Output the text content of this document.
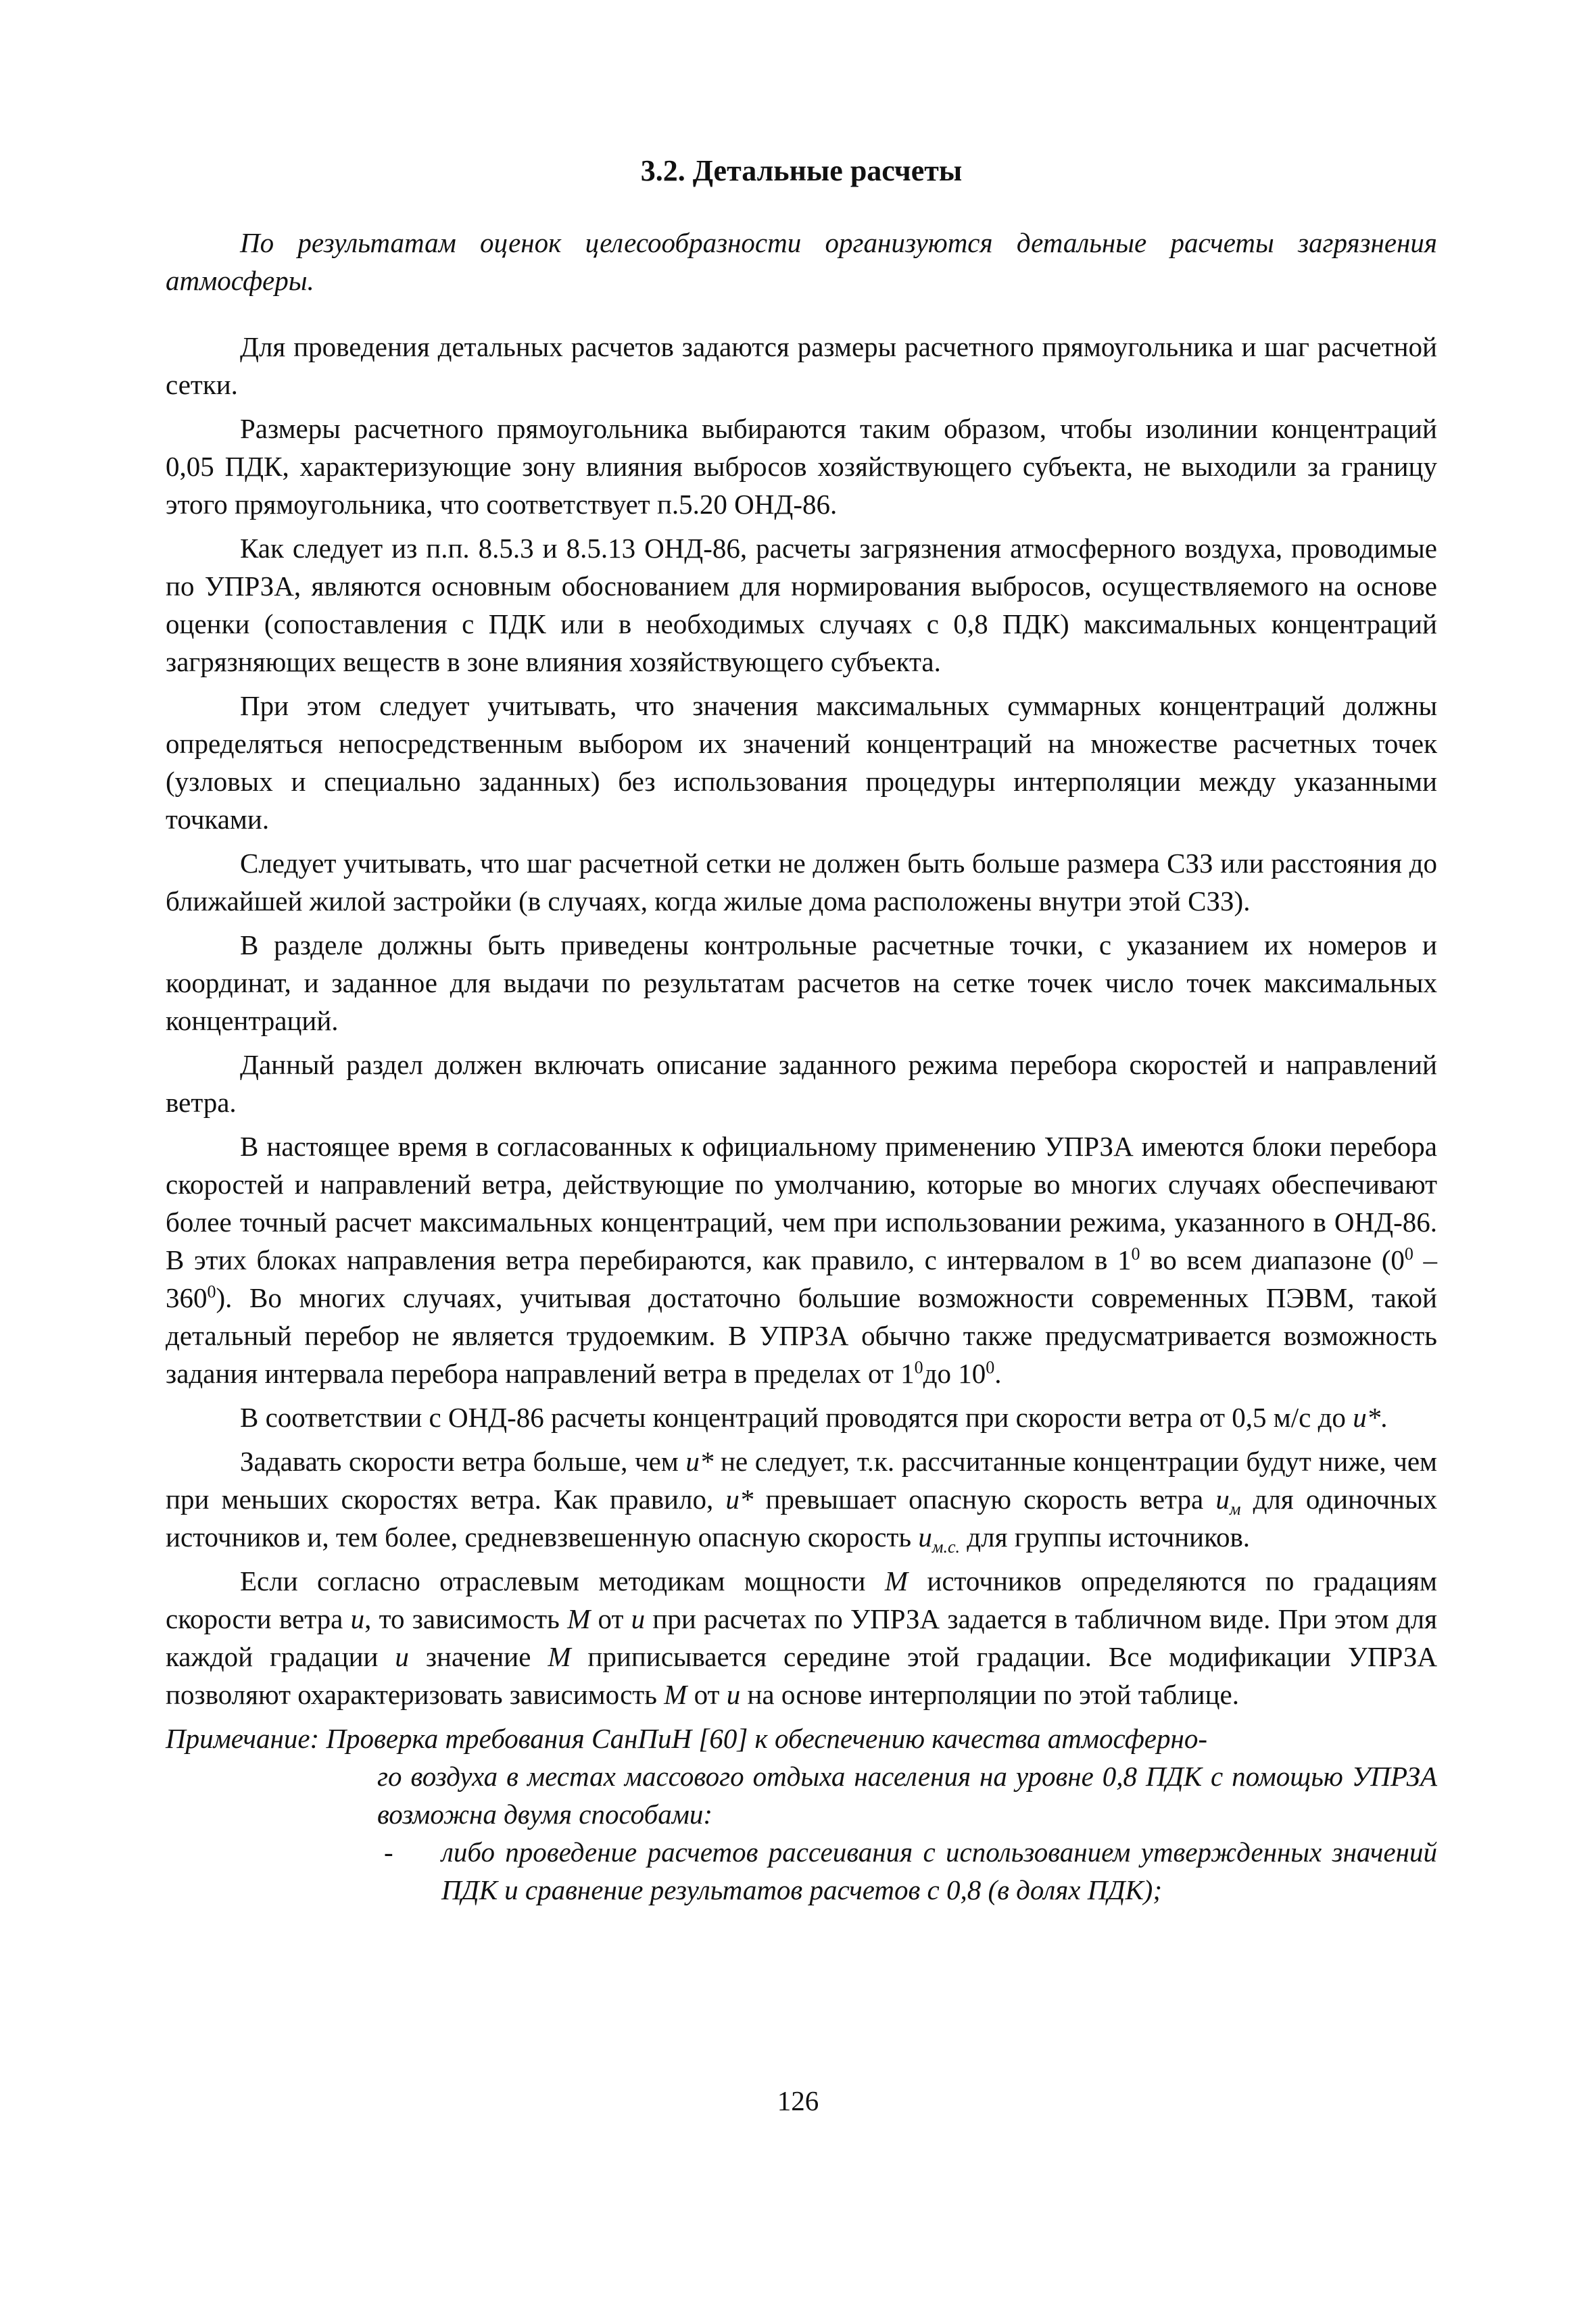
3.2. Детальные расчеты

По результатам оценок целесообразности организуются детальные расчеты загрязнения атмосферы.

Для проведения детальных расчетов задаются размеры расчетного прямоугольника и шаг расчетной сетки.

Размеры расчетного прямоугольника выбираются таким образом, чтобы изолинии концентраций 0,05 ПДК, характеризующие зону влияния выбросов хозяйствующего субъекта, не выходили за границу этого прямоугольника, что соответствует п.5.20 ОНД-86.

Как следует из п.п. 8.5.3 и 8.5.13 ОНД-86, расчеты загрязнения атмосферного воздуха, проводимые по УПРЗА, являются основным обоснованием для нормирования выбросов, осуществляемого на основе оценки (сопоставления с ПДК или в необходимых случаях с 0,8 ПДК) максимальных концентраций загрязняющих веществ в зоне влияния хозяйствующего субъекта.

При этом следует учитывать, что значения максимальных суммарных концентраций должны определяться непосредственным выбором их значений концентраций на множестве расчетных точек (узловых и специально заданных) без использования процедуры интерполяции между указанными точками.

Следует учитывать, что шаг расчетной сетки не должен быть больше размера СЗЗ или расстояния до ближайшей жилой застройки (в случаях, когда жилые дома расположены внутри этой СЗЗ).

В разделе должны быть приведены контрольные расчетные точки, с указанием их номеров и координат, и заданное для выдачи по результатам расчетов на сетке точек число точек максимальных концентраций.

Данный раздел должен включать описание заданного режима перебора скоростей и направлений ветра.

В настоящее время в согласованных к официальному применению УПРЗА имеются блоки перебора скоростей и направлений ветра, действующие по умолчанию, которые во многих случаях обеспечивают более точный расчет максимальных концентраций, чем при использовании режима, указанного в ОНД-86. В этих блоках направления ветра перебираются, как правило, с интервалом в $1^0$ во всем диапазоне $(0^0 - 360^0)$. Во многих случаях, учитывая достаточно большие возможности современных ПЭВМ, такой детальный перебор не является трудоемким. В УПРЗА обычно также предусматривается возможность задания интервала перебора направлений ветра в пределах от $1^0до$ $10^0$.

В соответствии с ОНД-86 расчеты концентраций проводятся при скорости ветра от 0,5 м/с до u*.

Задавать скорости ветра больше, чем u* не следует, т.к. рассчитанные концентрации будут ниже, чем при меньших скоростях ветра. Как правило, u* превышает опасную скорость ветра $u_м$ для одиночных источников и, тем более, средневзвешенную опасную скорость $u_{м.с.}$ для группы источников.

Если согласно отраслевым методикам мощности M источников определяются по градациям скорости ветра u, то зависимость M от u при расчетах по УПРЗА задается в табличном виде. При этом для каждой градации u значение M приписывается середине этой градации. Все модификации УПРЗА позволяют охарактеризовать зависимость M от u на основе интерполяции по этой таблице.

Примечание: Проверка требования СанПиН [60] к обеспечению качества атмосферно-
го воздуха в местах массового отдыха населения на уровне 0,8 ПДК с помощью УПРЗА возможна двумя способами:
-	либо проведение расчетов рассеивания с использованием утвержденных значений ПДК и сравнение результатов расчетов с 0,8 (в долях ПДК);
126
